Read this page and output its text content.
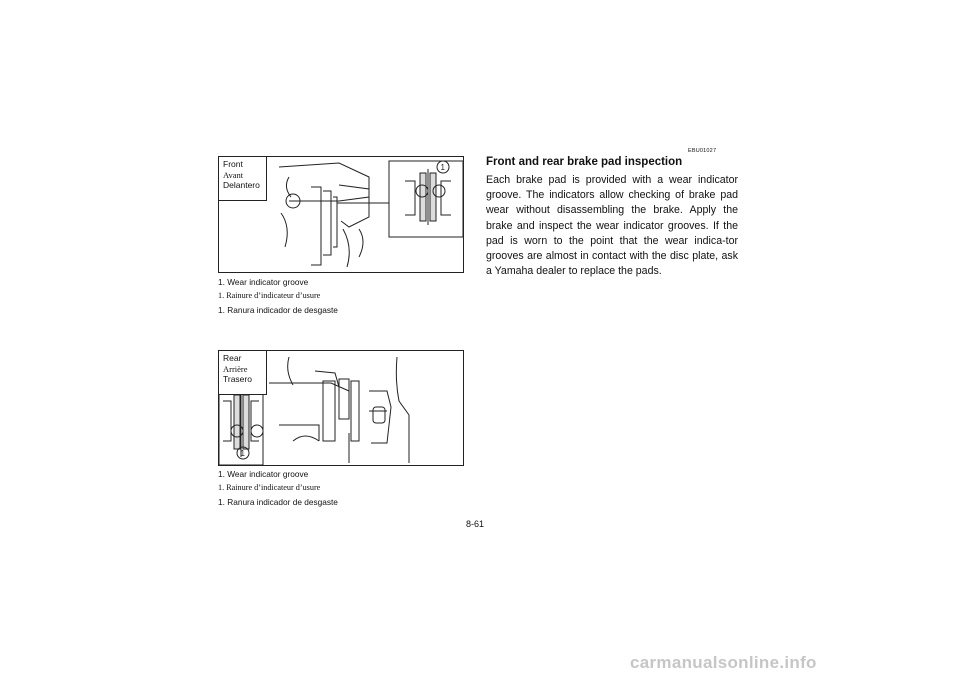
1
Front
Avant
Delantero
1. Wear indicator groove
1. Rainure d’indicateur d’usure
1. Ranura indicador de desgaste
1
Rear
Arrière
Trasero
1. Wear indicator groove
1. Rainure d’indicateur d’usure
1. Ranura indicador de desgaste
EBU01027
Front and rear brake pad inspection
Each brake pad is provided with a wear indicator groove. The indicators allow checking of brake pad wear without disassembling the brake. Apply the brake and inspect the wear indicator grooves. If the pad is worn to the point that the wear indica-tor grooves are almost in contact with the disc plate, ask a Yamaha dealer to replace the pads.
8-61
carmanualsonline.info
